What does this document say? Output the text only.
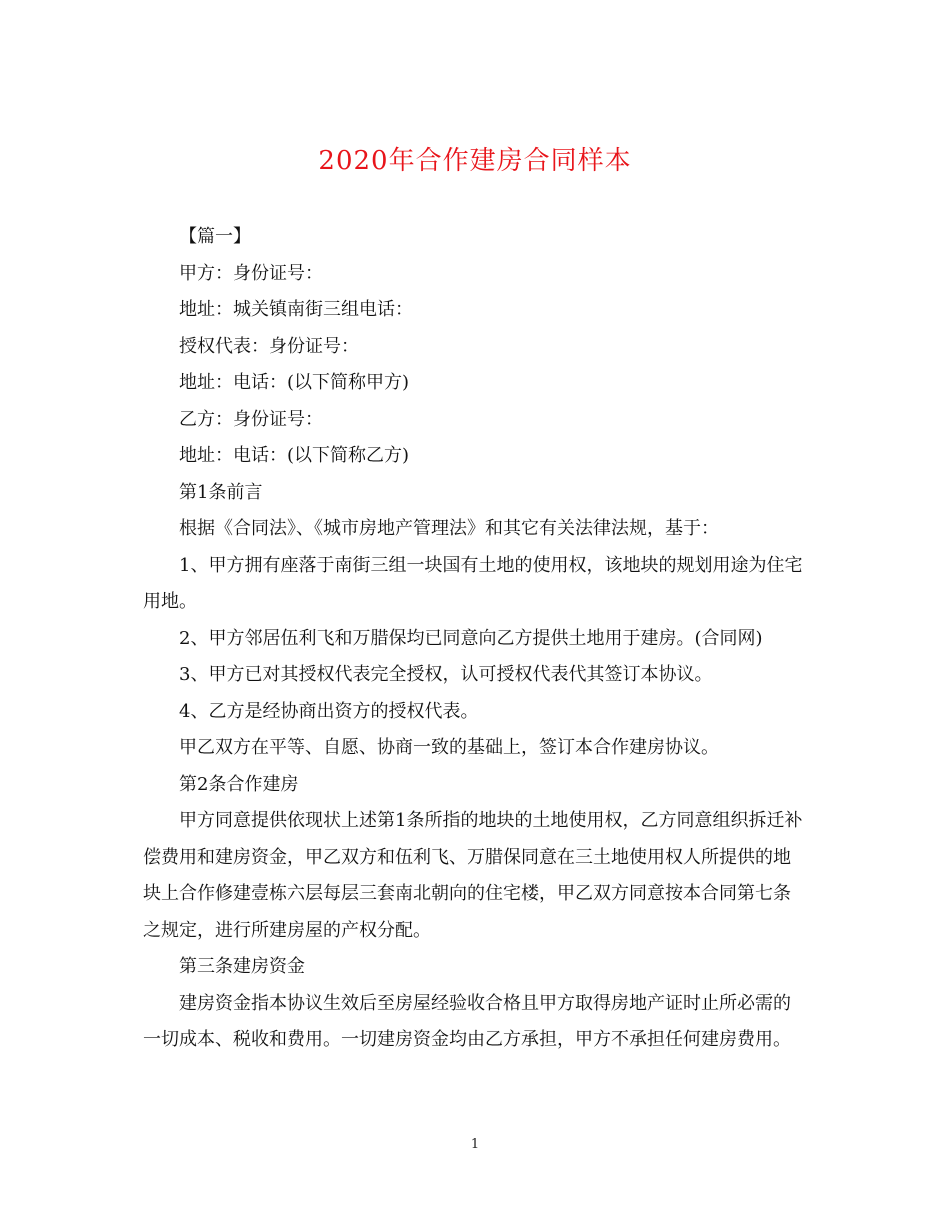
2020年合作建房合同样本

【篇一】

甲方：身份证号：

地址：城关镇南街三组电话：

授权代表：身份证号：

地址：电话：(以下简称甲方)

乙方：身份证号：

地址：电话：(以下简称乙方)

第1条前言

根据《合同法》、《城市房地产管理法》和其它有关法律法规，基于：

1、甲方拥有座落于南街三组一块国有土地的使用权，该地块的规划用途为住宅用地。

2、甲方邻居伍利飞和万腊保均已同意向乙方提供土地用于建房。(合同网)

3、甲方已对其授权代表完全授权，认可授权代表代其签订本协议。

4、乙方是经协商出资方的授权代表。

甲乙双方在平等、自愿、协商一致的基础上，签订本合作建房协议。

第2条合作建房

甲方同意提供依现状上述第1条所指的地块的土地使用权，乙方同意组织拆迁补偿费用和建房资金，甲乙双方和伍利飞、万腊保同意在三土地使用权人所提供的地块上合作修建壹栋六层每层三套南北朝向的住宅楼，甲乙双方同意按本合同第七条之规定，进行所建房屋的产权分配。

第三条建房资金

建房资金指本协议生效后至房屋经验收合格且甲方取得房地产证时止所必需的一切成本、税收和费用。一切建房资金均由乙方承担，甲方不承担任何建房费用。

1
